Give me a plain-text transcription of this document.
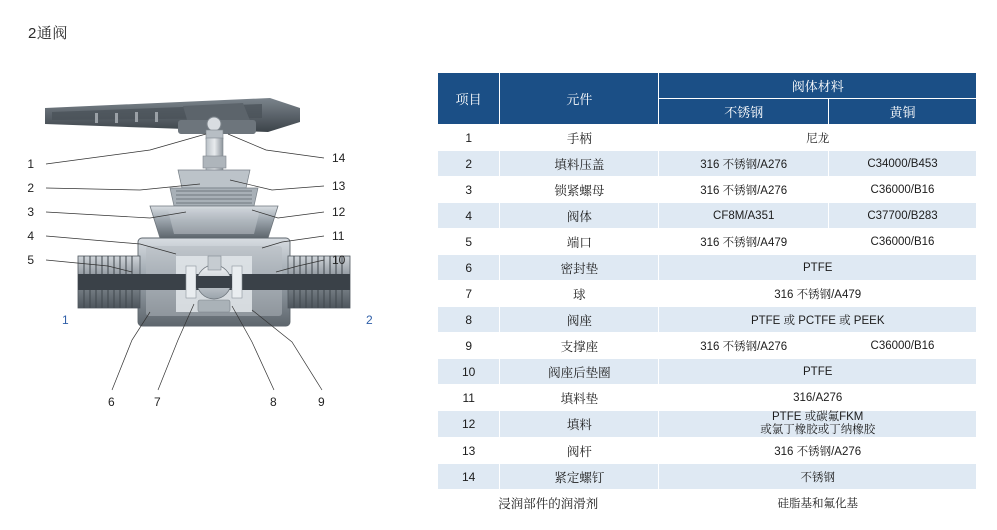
2通阀
1
2
3
4
5
14
13
12
11
10
6	7	8	9
1	2
项目	元件	阀体材料	
		不锈钢	黄铜
1	手柄	尼龙	
2	填料压盖	316 不锈钢/A276	C34000/B453
3	锁紧螺母	316 不锈钢/A276	C36000/B16
4	阀体	CF8M/A351	C37700/B283
5	端口	316 不锈钢/A479	C36000/B16
6	密封垫	PTFE	
7	球	316 不锈钢/A479	
8	阀座	PTFE 或 PCTFE 或 PEEK	
9	支撑座	316 不锈钢/A276	C36000/B16
10	阀座后垫圈	PTFE	
11	填料垫	316/A276	
12	填料	PTFE 或碳氟FKM
或氯丁橡胶或丁纳橡胶	
13	阀杆	316 不锈钢/A276	
14	紧定螺钉	不锈钢	
浸润部件的润滑剂		硅脂基和氟化基	
